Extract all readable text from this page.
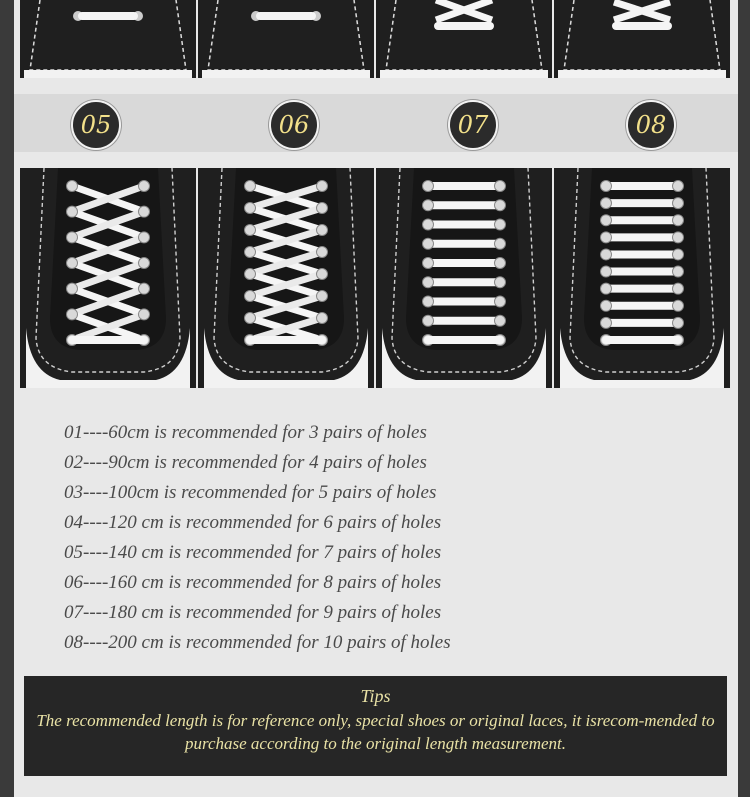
05	06	07	08
01----60cm is recommended for 3 pairs of holes
02----90cm is recommended for 4 pairs of holes
03----100cm is recommended for 5 pairs of holes
04----120 cm is recommended for 6 pairs of holes
05----140 cm is recommended for 7 pairs of holes
06----160 cm is recommended for 8 pairs of holes
07----180 cm is recommended for 9 pairs of holes
08----200 cm is recommended for 10 pairs of holes
Tips
The recommended length is for reference only, special shoes or original laces, it isrecom-mended to purchase according to the original length measurement.
